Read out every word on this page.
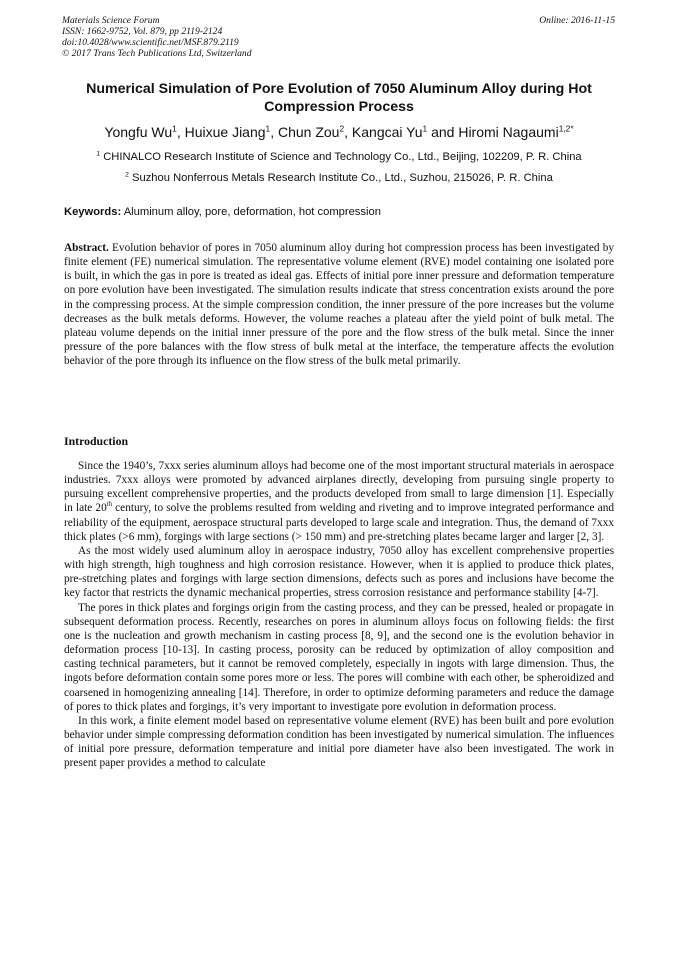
Materials Science Forum
ISSN: 1662-9752, Vol. 879, pp 2119-2124
doi:10.4028/www.scientific.net/MSF.879.2119
© 2017 Trans Tech Publications Ltd, Switzerland
Online: 2016-11-15
Numerical Simulation of Pore Evolution of 7050 Aluminum Alloy during Hot Compression Process
Yongfu Wu$^1$, Huixue Jiang$^1$, Chun Zou$^2$, Kangcai Yu$^1$ and Hiromi Nagaumi$^{1,2*}$
$^1$ CHINALCO Research Institute of Science and Technology Co., Ltd., Beijing, 102209, P. R. China
$^2$ Suzhou Nonferrous Metals Research Institute Co., Ltd., Suzhou, 215026, P. R. China
Keywords: Aluminum alloy, pore, deformation, hot compression
Abstract. Evolution behavior of pores in 7050 aluminum alloy during hot compression process has been investigated by finite element (FE) numerical simulation. The representative volume element (RVE) model containing one isolated pore is built, in which the gas in pore is treated as ideal gas. Effects of initial pore inner pressure and deformation temperature on pore evolution have been investigated. The simulation results indicate that stress concentration exists around the pore in the compressing process. At the simple compression condition, the inner pressure of the pore increases but the volume decreases as the bulk metals deforms. However, the volume reaches a plateau after the yield point of bulk metal. The plateau volume depends on the initial inner pressure of the pore and the flow stress of the bulk metal. Since the inner pressure of the pore balances with the flow stress of bulk metal at the interface, the temperature affects the evolution behavior of the pore through its influence on the flow stress of the bulk metal primarily.
Introduction

Since the 1940’s, 7xxx series aluminum alloys had become one of the most important structural materials in aerospace industries. 7xxx alloys were promoted by advanced airplanes directly, developing from pursuing single property to pursuing excellent comprehensive properties, and the products developed from small to large dimension [1]. Especially in late 20th century, to solve the problems resulted from welding and riveting and to improve integrated performance and reliability of the equipment, aerospace structural parts developed to large scale and integration. Thus, the demand of 7xxx thick plates (>6 mm), forgings with large sections (> 150 mm) and pre-stretching plates became larger and larger [2, 3].

As the most widely used aluminum alloy in aerospace industry, 7050 alloy has excellent comprehensive properties with high strength, high toughness and high corrosion resistance. However, when it is applied to produce thick plates, pre-stretching plates and forgings with large section dimensions, defects such as pores and inclusions have become the key factor that restricts the dynamic mechanical properties, stress corrosion resistance and performance stability [4-7].

The pores in thick plates and forgings origin from the casting process, and they can be pressed, healed or propagate in subsequent deformation process. Recently, researches on pores in aluminum alloys focus on following fields: the first one is the nucleation and growth mechanism in casting process [8, 9], and the second one is the evolution behavior in deformation process [10-13]. In casting process, porosity can be reduced by optimization of alloy composition and casting technical parameters, but it cannot be removed completely, especially in ingots with large dimension. Thus, the ingots before deformation contain some pores more or less. The pores will combine with each other, be spheroidized and coarsened in homogenizing annealing [14]. Therefore, in order to optimize deforming parameters and reduce the damage of pores to thick plates and forgings, it’s very important to investigate pore evolution in deformation process.

In this work, a finite element model based on representative volume element (RVE) has been built and pore evolution behavior under simple compressing deformation condition has been investigated by numerical simulation. The influences of initial pore pressure, deformation temperature and initial pore diameter have also been investigated. The work in present paper provides a method to calculate
